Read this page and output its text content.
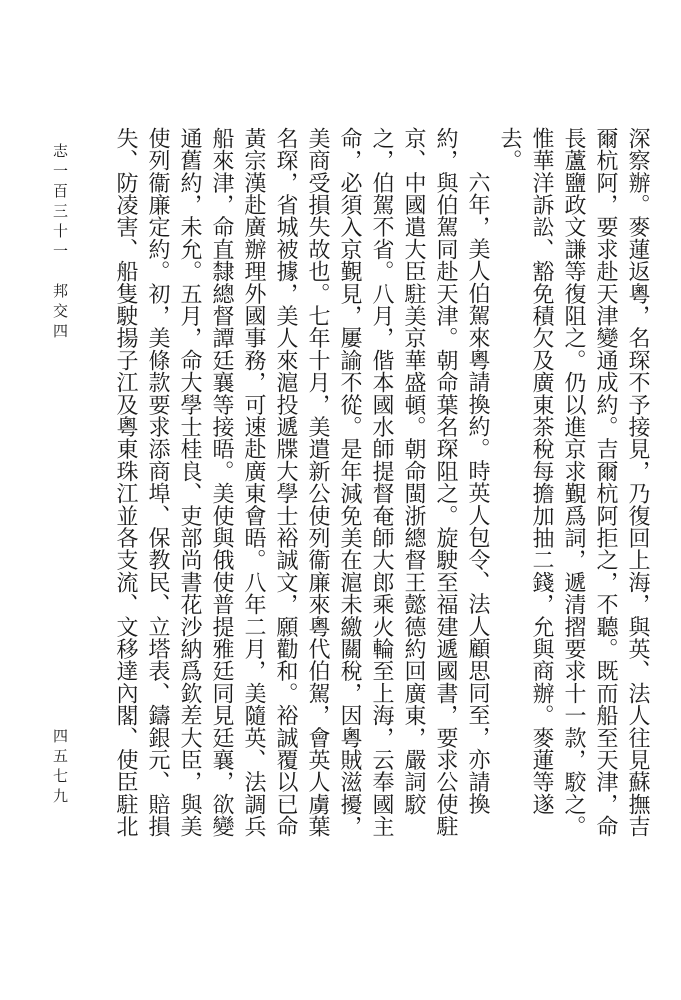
志一百三十一　邦交四	深察辦。麥蓮返粵，名琛不予接見，乃復回上海，與英、法人往見蘇撫吉爾杭阿，要求赴天津變通成約。吉爾杭阿拒之，不聽。既而船至天津，命長蘆鹽政文謙等復阻之。仍以進京求覲爲詞，遞清摺要求十一款，駮之。惟華洋訴訟、豁免積欠及廣東茶稅每擔加抽二錢，允與商辦。麥蓮等遂去。

六年，美人伯駕來粵請換約。時英人包令、法人顧思同至，亦請換約，與伯駕同赴天津。朝命葉名琛阻之。旋駛至福建遞國書，要求公使駐京、中國遣大臣駐美京華盛頓。朝命閩浙總督王懿德約回廣東，嚴詞駮之，伯駕不省。八月，偕本國水師提督奄師大郎乘火輪至上海，云奉國主命，必須入京覲見，屢諭不從。是年減免美在滬未繳關稅，因粵賊滋擾，美商受損失故也。七年十月，美遣新公使列衞廉來粵代伯駕，會英人虜葉名琛，省城被據，美人來滬投遞牒大學士裕誠文，願勸和。裕誠覆以已命黃宗漢赴廣辦理外國事務，可速赴廣東會晤。八年二月，美隨英、法調兵船來津，命直隸總督譚廷襄等接晤。美使與俄使普提雅廷同見廷襄，欲變通舊約，未允。五月，命大學士桂良、吏部尚書花沙納爲欽差大臣，與美使列衞廉定約。初，美條款要求添商埠、保教民、立塔表、鑄銀元、賠損失、防凌害、船隻駛揚子江及粵東珠江並各支流、文移達內閣、使臣駐北

四五七九
